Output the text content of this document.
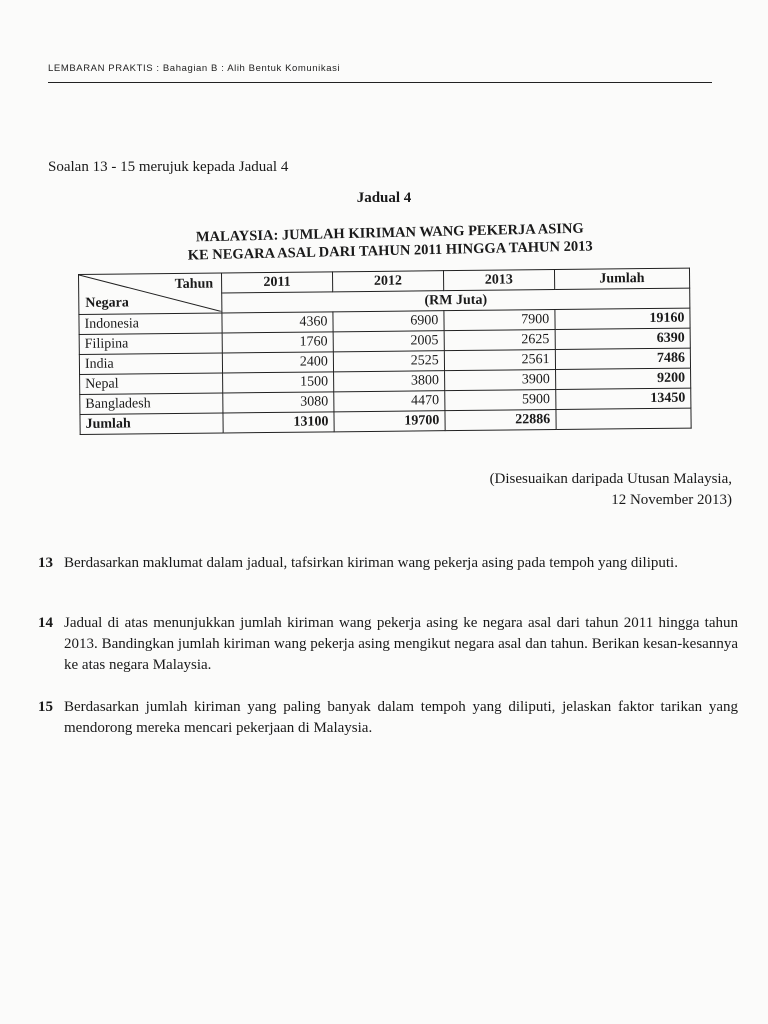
LEMBARAN PRAKTIS : Bahagian B : Alih Bentuk Komunikasi
Soalan 13 - 15 merujuk kepada Jadual 4
Jadual 4
MALAYSIA: JUMLAH KIRIMAN WANG PEKERJA ASING
KE NEGARA ASAL DARI TAHUN 2011 HINGGA TAHUN 2013
Tahun
Negara	2011	2012	2013	Jumlah
	(RM Juta)			
Indonesia	4360	6900	7900	19160
Filipina	1760	2005	2625	6390
India	2400	2525	2561	7486
Nepal	1500	3800	3900	9200
Bangladesh	3080	4470	5900	13450
Jumlah	13100	19700	22886	
(Disesuaikan daripada Utusan Malaysia,
12 November 2013)
13 Berdasarkan maklumat dalam jadual, tafsirkan kiriman wang pekerja asing pada tempoh yang diliputi.
14 Jadual di atas menunjukkan jumlah kiriman wang pekerja asing ke negara asal dari tahun 2011 hingga tahun 2013. Bandingkan jumlah kiriman wang pekerja asing mengikut negara asal dan tahun. Berikan kesan-kesannya ke atas negara Malaysia.
15 Berdasarkan jumlah kiriman yang paling banyak dalam tempoh yang diliputi, jelaskan faktor tarikan yang mendorong mereka mencari pekerjaan di Malaysia.
